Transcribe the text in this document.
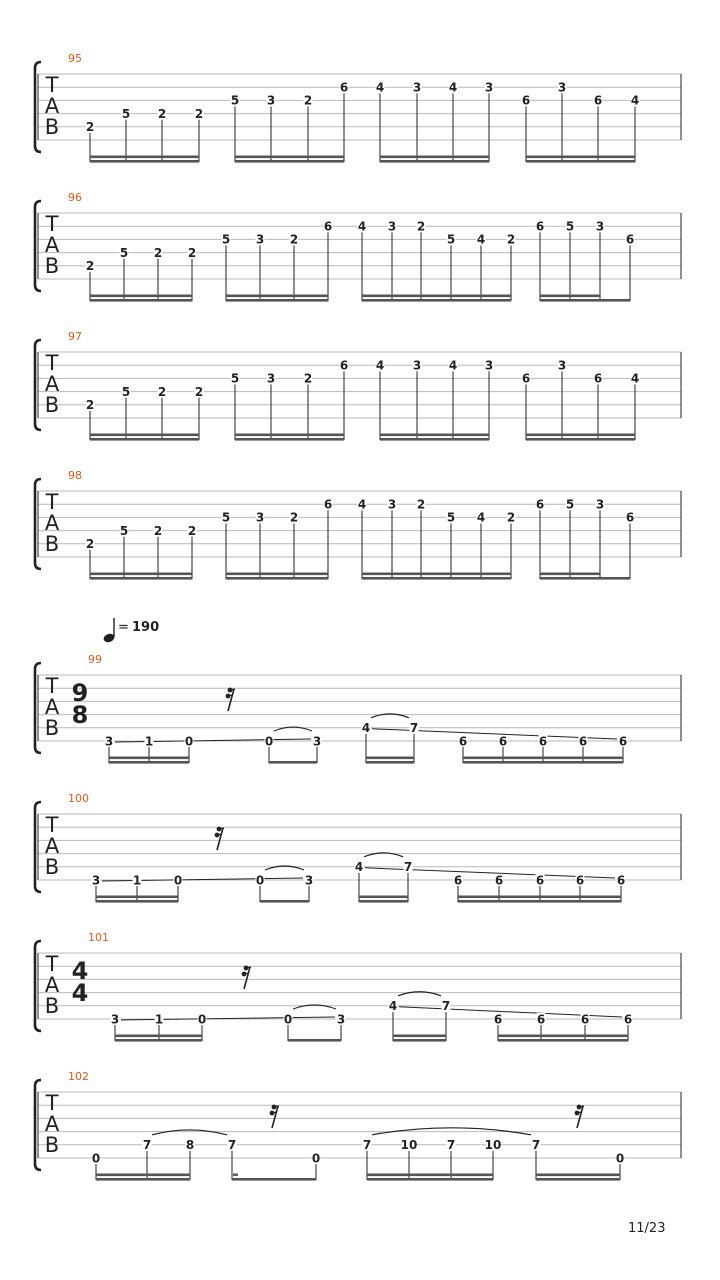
T
A
B
95
2
5 2 2
5 3 2
6 4 3 4 3
6
3
6 4
T
A
B
96
2
5 2 2
5 3 2
6 4 3 2
5 4 2
6 5 3
6
T
A
B
97
2
5 2 2
5 3 2
6 4 3 4 3
6
3
6 4
T
A
B
98
2
5 2 2
5 3 2
6 4 3 2
5 4 2
6 5 3
6
T
A
B
99
9
8
3	1	0	0	3
4	7
6	6	6	6	6
T
A
B
100
3	1	0	0	3
4	7
6	6	6	6	6
T
A
B
101
4
4
3	1	0	0	3
4	7
6	6	6	6
T
A
B
102
0
7	8	7
0
7 10 7 10	7
0
= 190
11/23
